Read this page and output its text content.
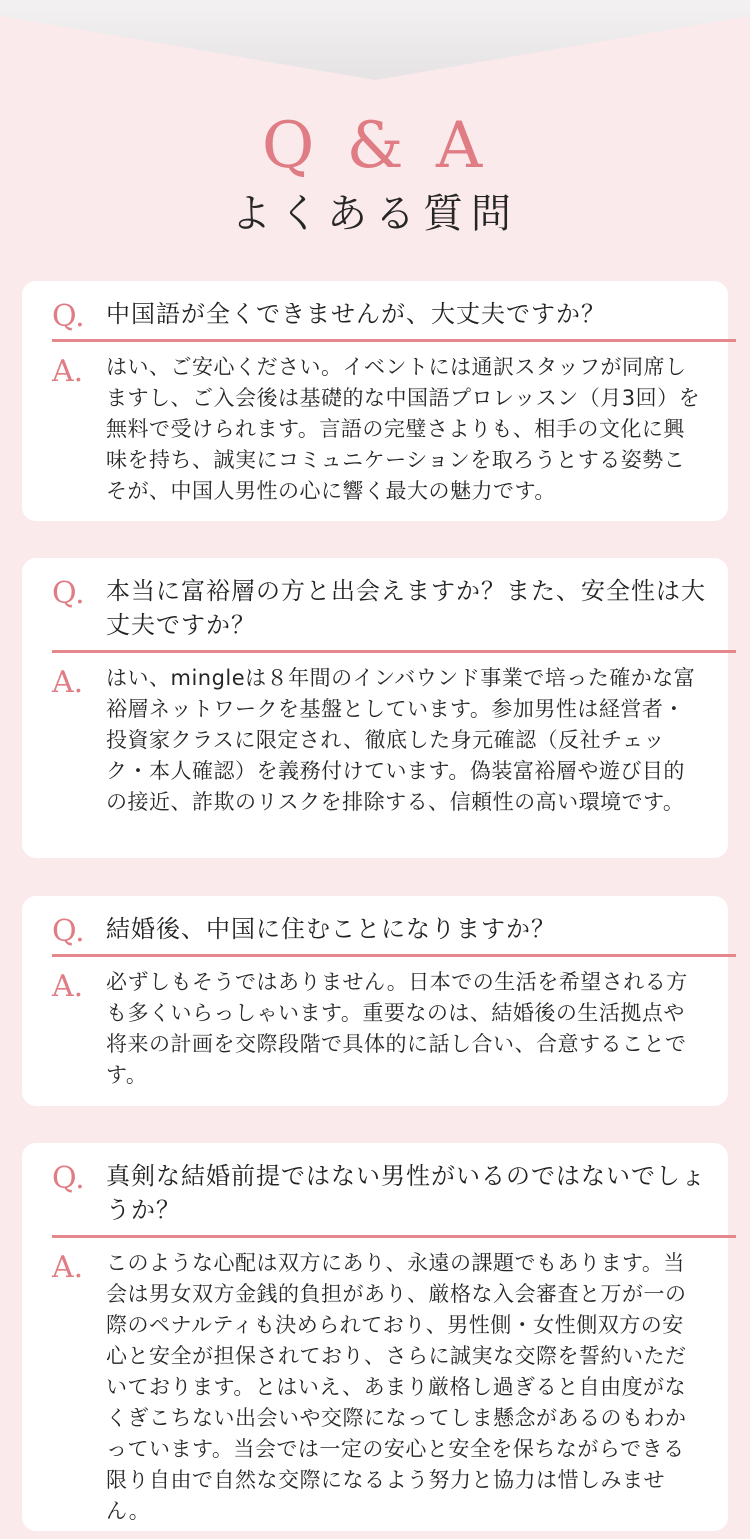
Q & A
よくある質問
Q. 中国語が全くできませんが、大丈夫ですか？
A. はい、ご安心ください。イベントには通訳スタッフが同席しますし、ご入会後は基礎的な中国語プロレッスン（月3回）を無料で受けられます。言語の完璧さよりも、相手の文化に興味を持ち、誠実にコミュニケーションを取ろうとする姿勢こそが、中国人男性の心に響く最大の魅力です。
Q. 本当に富裕層の方と出会えますか？また、安全性は大丈夫ですか？
A. はい、mingleは８年間のインバウンド事業で培った確かな富裕層ネットワークを基盤としています。参加男性は経営者・投資家クラスに限定され、徹底した身元確認（反社チェック・本人確認）を義務付けています。偽装富裕層や遊び目的の接近、詐欺のリスクを排除する、信頼性の高い環境です。
Q. 結婚後、中国に住むことになりますか？
A. 必ずしもそうではありません。日本での生活を希望される方も多くいらっしゃいます。重要なのは、結婚後の生活拠点や将来の計画を交際段階で具体的に話し合い、合意することです。
Q. 真剣な結婚前提ではない男性がいるのではないでしょうか？
A. このような心配は双方にあり、永遠の課題でもあります。当会は男女双方金銭的負担があり、厳格な入会審査と万が一の際のペナルティも決められており、男性側・女性側双方の安心と安全が担保されており、さらに誠実な交際を誓約いただいております。とはいえ、あまり厳格し過ぎると自由度がなくぎこちない出会いや交際になってしま懸念があるのもわかっています。当会では一定の安心と安全を保ちながらできる限り自由で自然な交際になるよう努力と協力は惜しみません。
